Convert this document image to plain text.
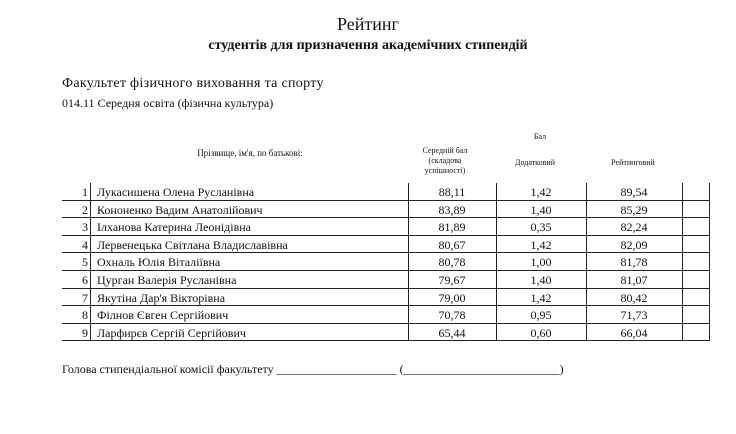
Рейтинг
студентів для призначення академічних стипендій
Факультет фізичного виховання та спорту
014.11 Середня освіта (фізична культура)
Бал
Прізвище, ім'я, по батькові:	Середній бал (складова успішності)
Додатковий	Рейтинговий
1 Лукасишена Олена Русланівна	88,11	1,42	89,54
2 Кононенко Вадим Анатолійович	83,89	1,40	85,29
3 Ілханова Катерина Леонідівна	81,89	0,35	82,24
4 Лервенецька Світлана Владиславівна	80,67	1,42	82,09
5 Охналь Юлія Віталіївна	80,78	1,00	81,78
6 Цурган Валерія Русланівна	79,67	1,40	81,07
7 Якутіна Дар'я Вікторівна	79,00	1,42	80,42
8 Філнов Євген Сергійович	70,78	0,95	71,73
9 Ларфирєв Сергій Сергійович	65,44	0,60	66,04
Голова стипендіальної комісії факультету ____________________ (__________________________)
